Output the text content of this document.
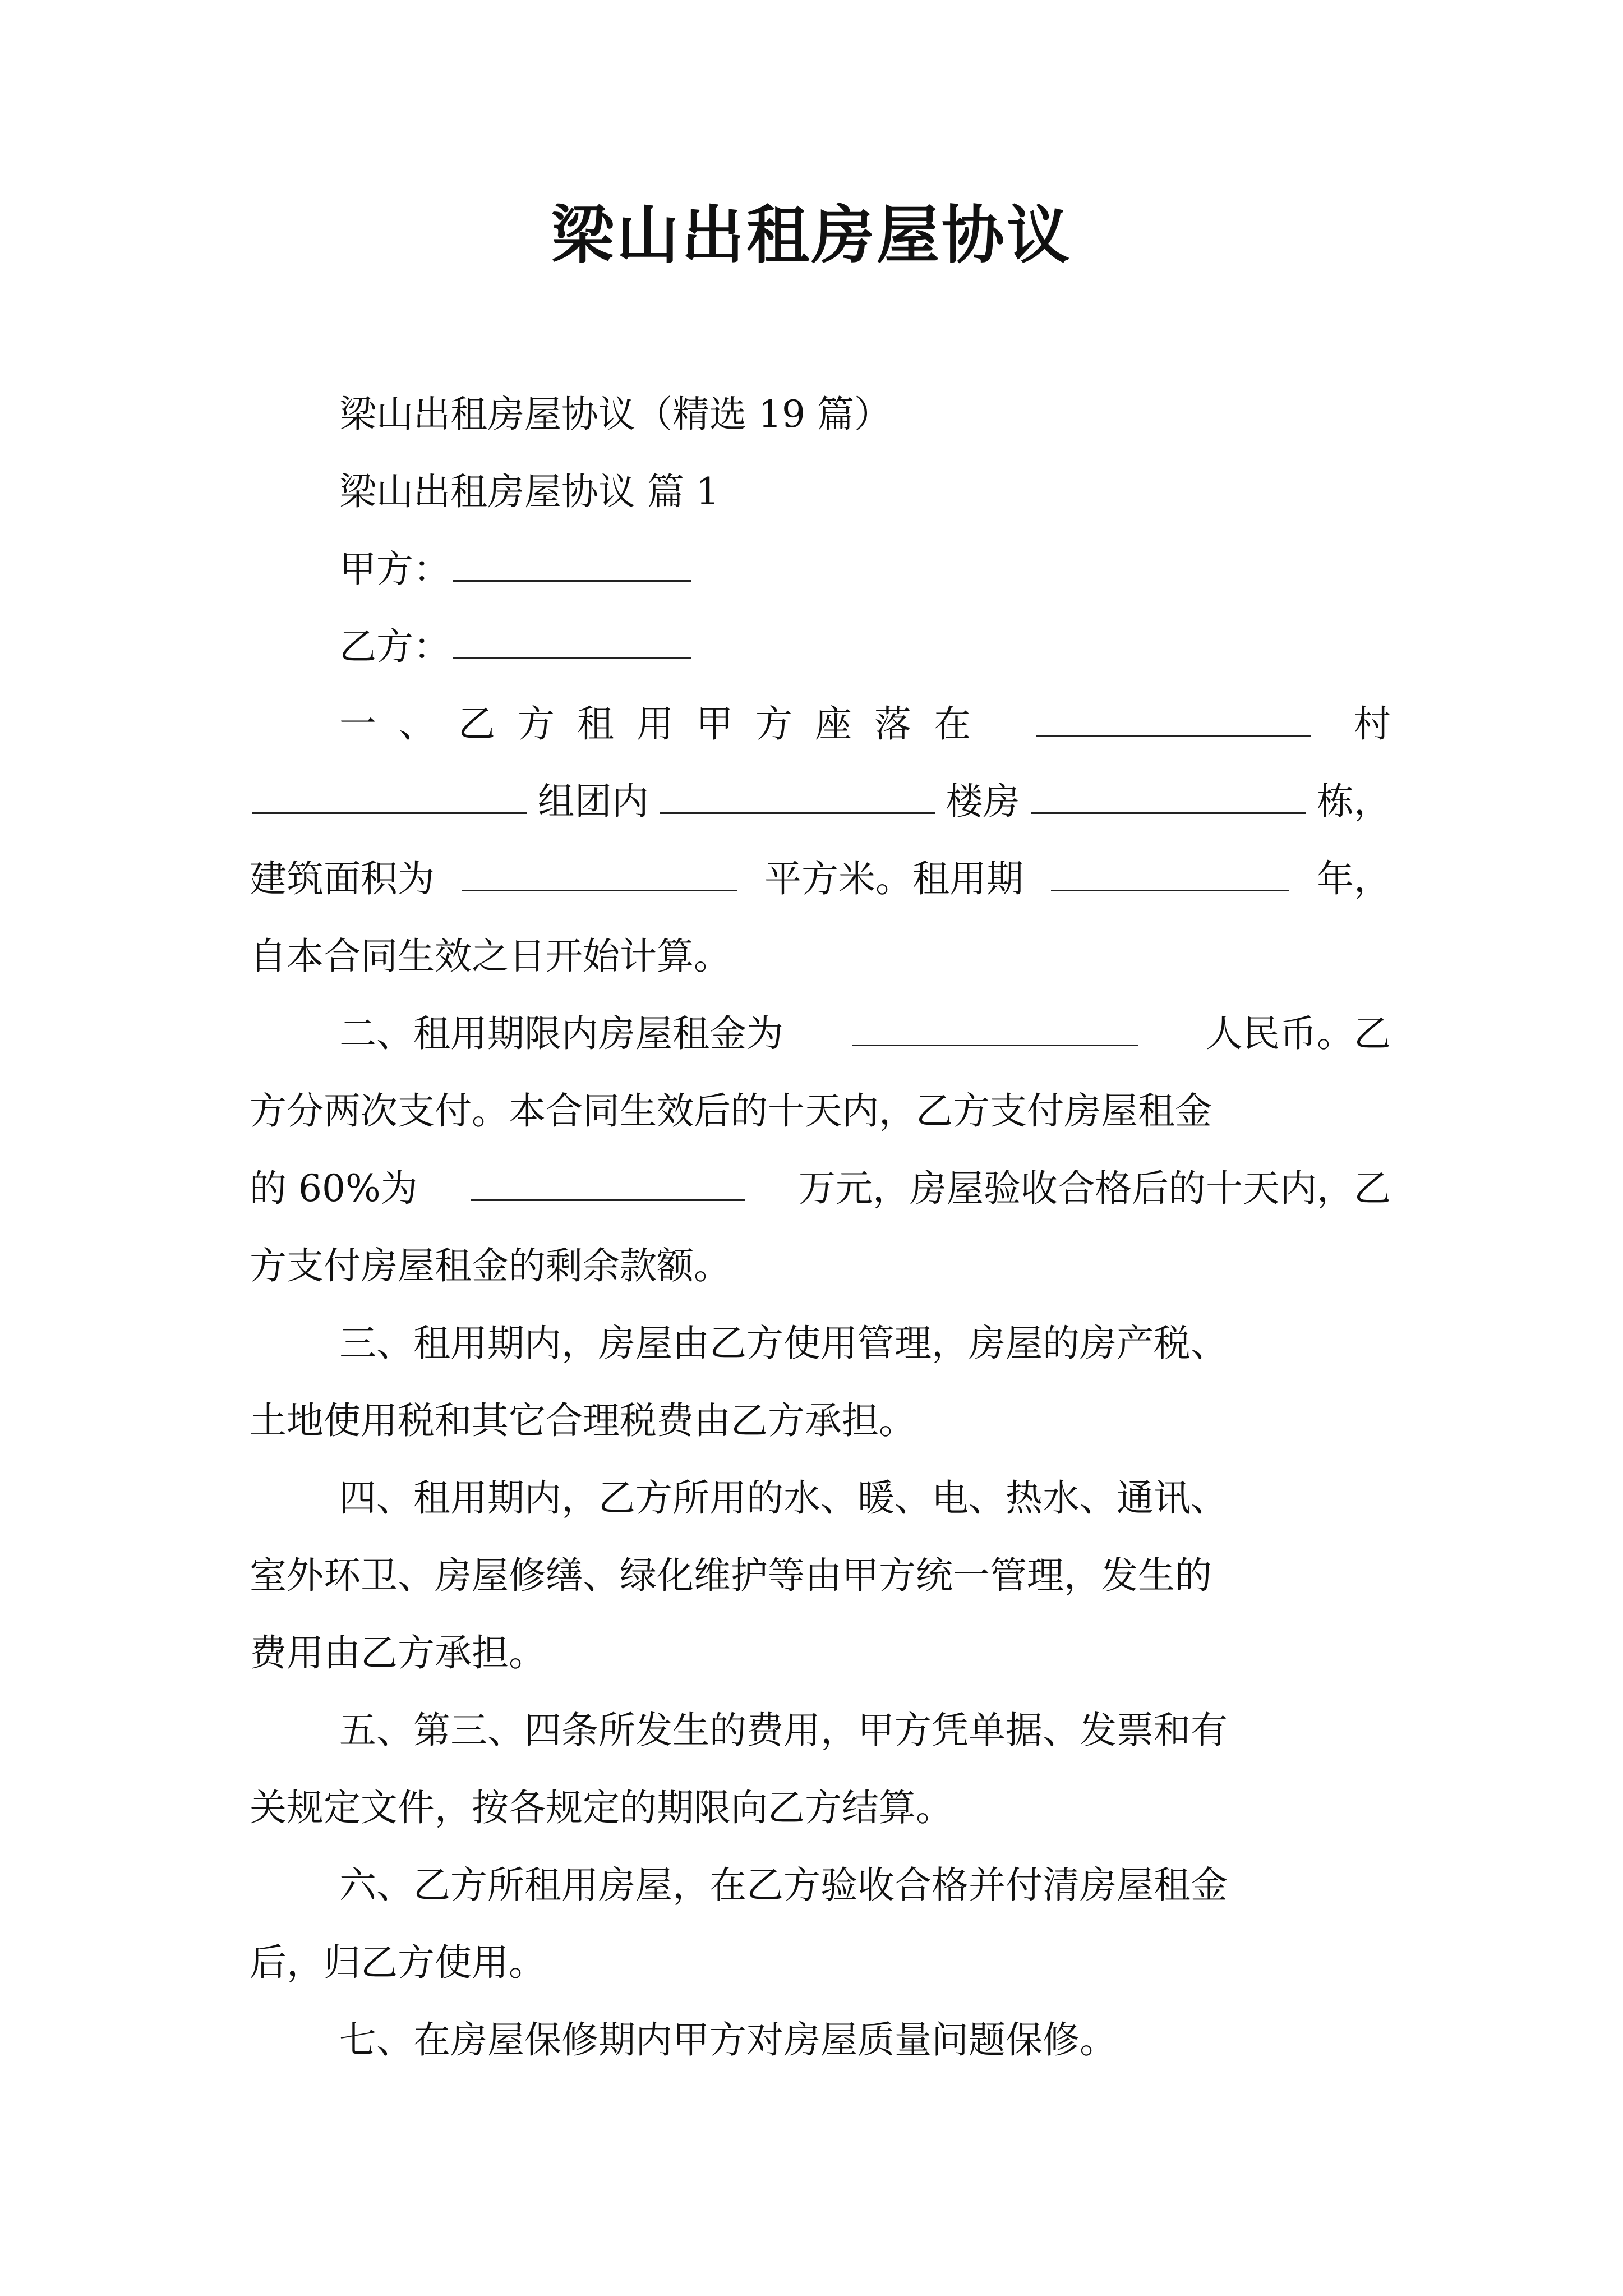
梁山出租房屋协议

梁山出租房屋协议（精选 19 篇）

梁山出租房屋协议 篇 1

甲方：

乙方：

一、乙方租用甲方座落在	村

组团内	楼房	栋，

建筑面积为	平方米。租用期	年，

自本合同生效之日开始计算。

二、租用期限内房屋租金为	人民币。乙

方分两次支付。本合同生效后的十天内，乙方支付房屋租金

的 60%为	万元，房屋验收合格后的十天内，乙

方支付房屋租金的剩余款额。

三、租用期内，房屋由乙方使用管理，房屋的房产税、

土地使用税和其它合理税费由乙方承担。

四、租用期内，乙方所用的水、暖、电、热水、通讯、

室外环卫、房屋修缮、绿化维护等由甲方统一管理，发生的

费用由乙方承担。

五、第三、四条所发生的费用，甲方凭单据、发票和有

关规定文件，按各规定的期限向乙方结算。

六、乙方所租用房屋，在乙方验收合格并付清房屋租金

后，归乙方使用。

七、在房屋保修期内甲方对房屋质量问题保修。
